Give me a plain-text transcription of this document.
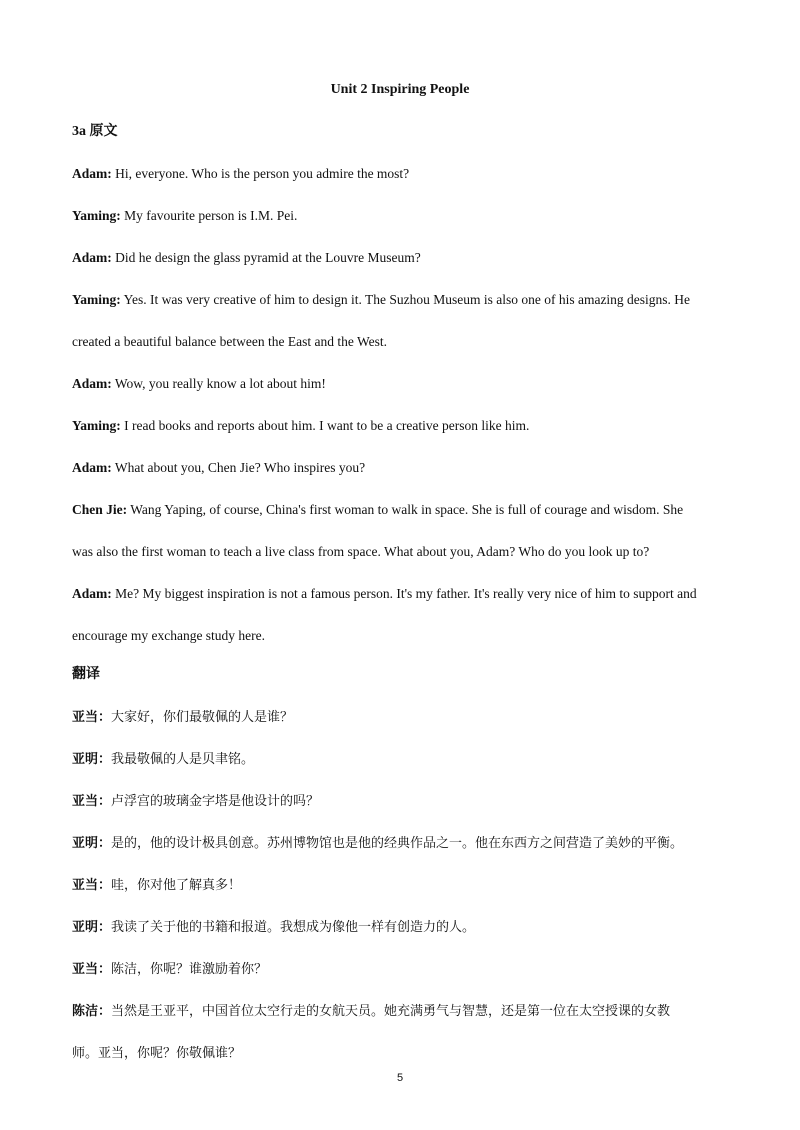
Unit 2 Inspiring People
3a 原文
Adam: Hi, everyone. Who is the person you admire the most?
Yaming: My favourite person is I.M. Pei.
Adam: Did he design the glass pyramid at the Louvre Museum?
Yaming: Yes. It was very creative of him to design it. The Suzhou Museum is also one of his amazing designs. He
created a beautiful balance between the East and the West.
Adam: Wow, you really know a lot about him!
Yaming: I read books and reports about him. I want to be a creative person like him.
Adam: What about you, Chen Jie? Who inspires you?
Chen Jie: Wang Yaping, of course, China's first woman to walk in space. She is full of courage and wisdom. She
was also the first woman to teach a live class from space. What about you, Adam? Who do you look up to?
Adam: Me? My biggest inspiration is not a famous person. It's my father. It's really very nice of him to support and
encourage my exchange study here.
翻译
亚当：大家好，你们最敬佩的人是谁？
亚明：我最敬佩的人是贝聿铭。
亚当：卢浮宫的玻璃金字塔是他设计的吗？
亚明：是的，他的设计极具创意。苏州博物馆也是他的经典作品之一。他在东西方之间营造了美妙的平衡。
亚当：哇，你对他了解真多！
亚明：我读了关于他的书籍和报道。我想成为像他一样有创造力的人。
亚当：陈洁，你呢？谁激励着你？
陈洁：当然是王亚平，中国首位太空行走的女航天员。她充满勇气与智慧，还是第一位在太空授课的女教
师。亚当，你呢？你敬佩谁？
5
